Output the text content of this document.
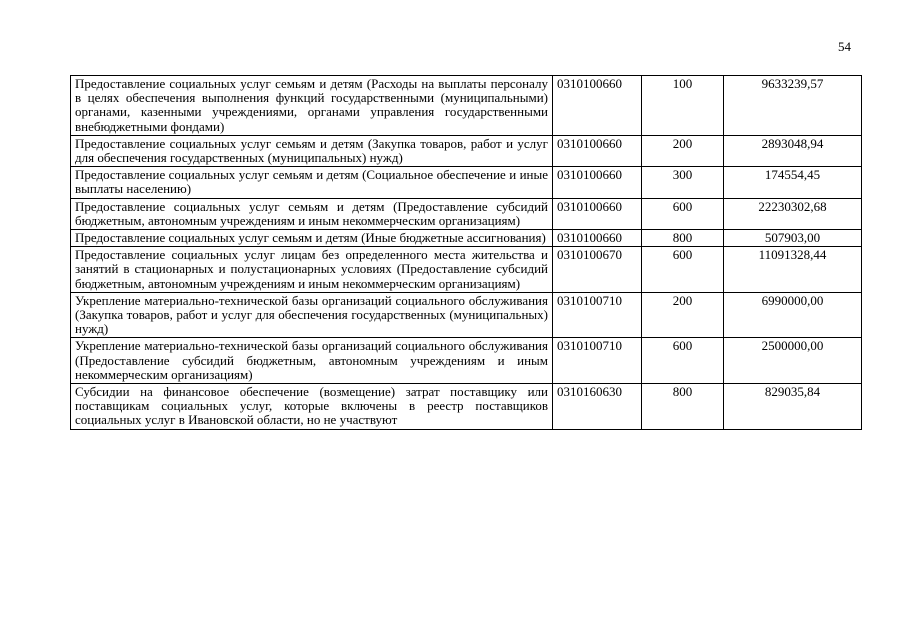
54
Предоставление социальных услуг семьям и детям (Расходы на выплаты персоналу в целях обеспечения выполнения функций государственными (муниципальными) органами, казенными учреждениями, органами управления государственными внебюджетными фондами)	0310100660	100	9633239,57
Предоставление социальных услуг семьям и детям (Закупка товаров, работ и услуг для обеспечения государственных (муниципальных) нужд)	0310100660	200	2893048,94
Предоставление социальных услуг семьям и детям (Социальное обеспечение и иные выплаты населению)	0310100660	300	174554,45
Предоставление социальных услуг семьям и детям (Предоставление субсидий бюджетным, автономным учреждениям и иным некоммерческим организациям)	0310100660	600	22230302,68
Предоставление социальных услуг семьям и детям (Иные бюджетные ассигнования)	0310100660	800	507903,00
Предоставление социальных услуг лицам без определенного места жительства и занятий в стационарных и полустационарных условиях (Предоставление субсидий бюджетным, автономным учреждениям и иным некоммерческим организациям)	0310100670	600	11091328,44
Укрепление материально-технической базы организаций социального обслуживания (Закупка товаров, работ и услуг для обеспечения государственных (муниципальных) нужд)	0310100710	200	6990000,00
Укрепление материально-технической базы организаций социального обслуживания (Предоставление субсидий бюджетным, автономным учреждениям и иным некоммерческим организациям)	0310100710	600	2500000,00
Субсидии на финансовое обеспечение (возмещение) затрат поставщику или поставщикам социальных услуг, которые включены в реестр поставщиков социальных услуг в Ивановской области, но не участвуют	0310160630	800	829035,84
